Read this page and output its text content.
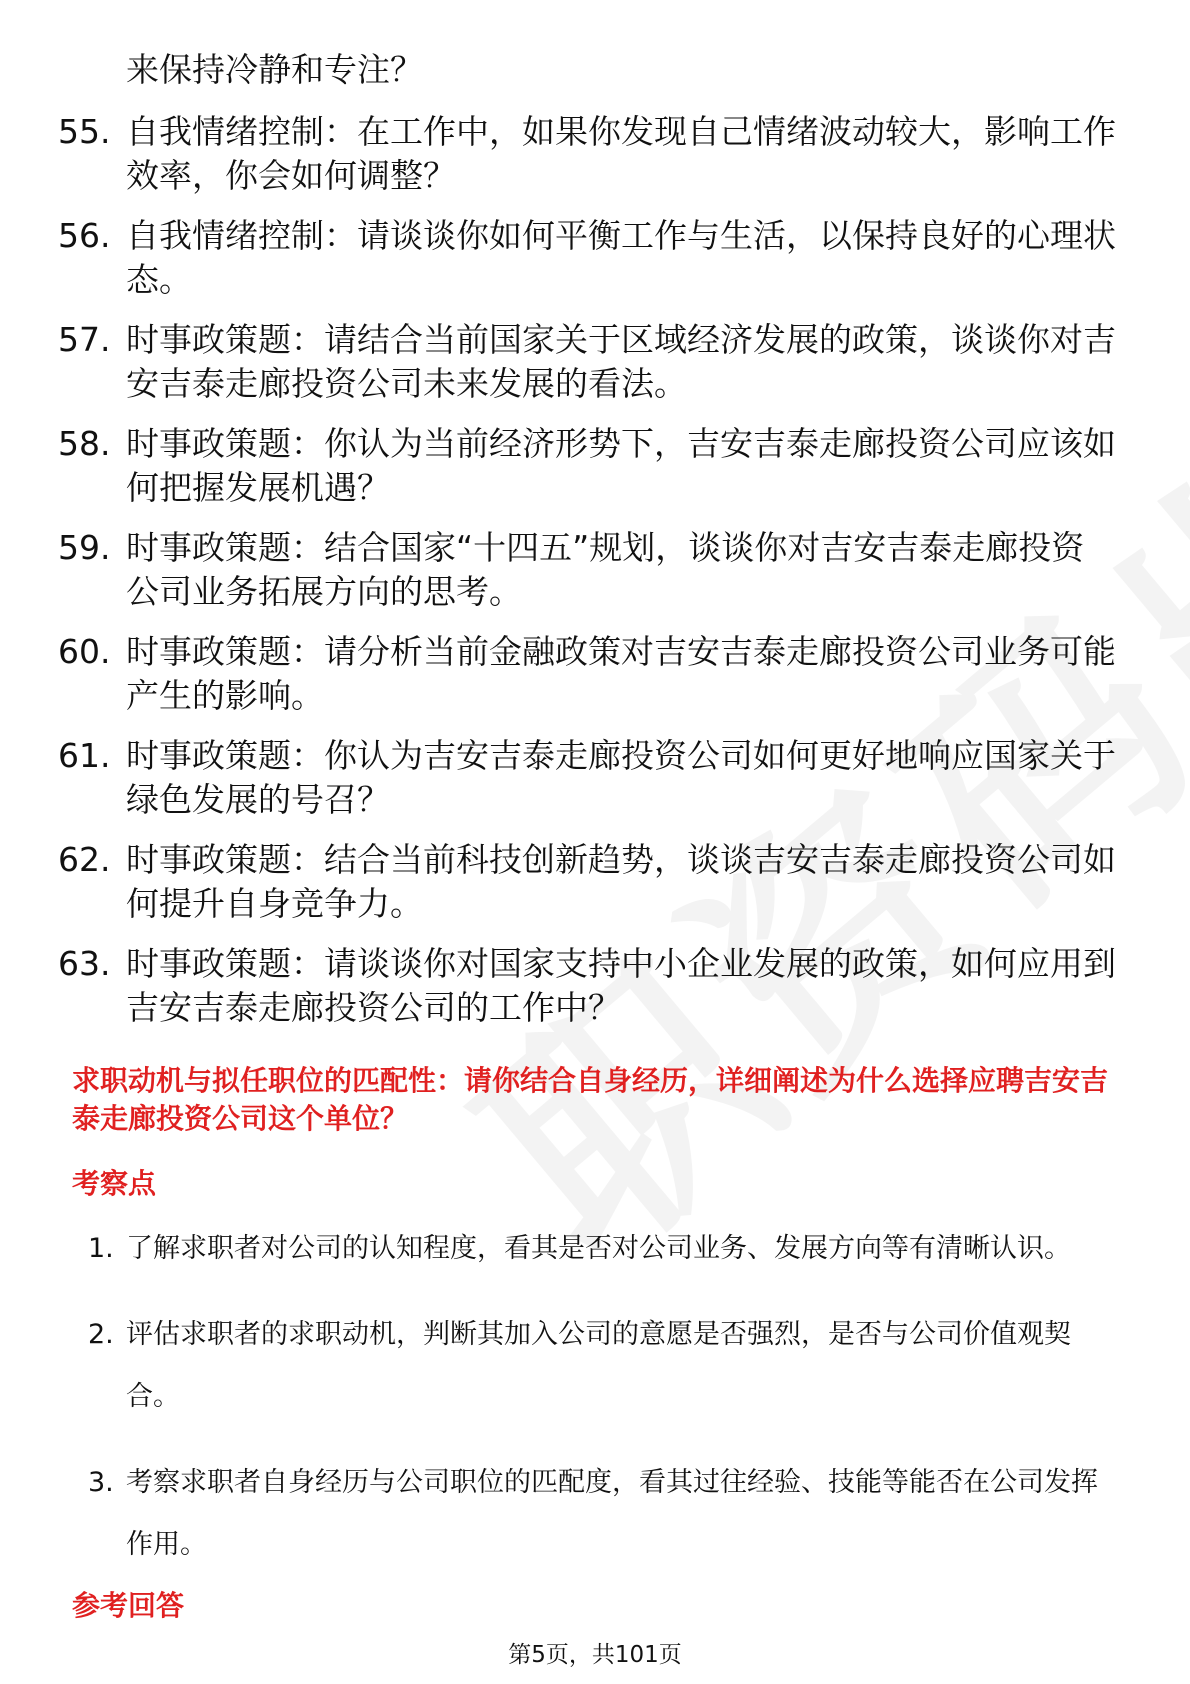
来保持冷静和专注？

55. 自我情绪控制：在工作中，如果你发现自己情绪波动较大，影响工作效率，你会如何调整？
56. 自我情绪控制：请谈谈你如何平衡工作与生活，以保持良好的心理状态。
57. 时事政策题：请结合当前国家关于区域经济发展的政策，谈谈你对吉安吉泰走廊投资公司未来发展的看法。
58. 时事政策题：你认为当前经济形势下，吉安吉泰走廊投资公司应该如何把握发展机遇？
59. 时事政策题：结合国家“十四五”规划，谈谈你对吉安吉泰走廊投资公司业务拓展方向的思考。
60. 时事政策题：请分析当前金融政策对吉安吉泰走廊投资公司业务可能产生的影响。
61. 时事政策题：你认为吉安吉泰走廊投资公司如何更好地响应国家关于绿色发展的号召？
62. 时事政策题：结合当前科技创新趋势，谈谈吉安吉泰走廊投资公司如何提升自身竞争力。
63. 时事政策题：请谈谈你对国家支持中小企业发展的政策，如何应用到吉安吉泰走廊投资公司的工作中？

求职动机与拟任职位的匹配性：请你结合自身经历，详细阐述为什么选择应聘吉安吉泰走廊投资公司这个单位？

考察点
1. 了解求职者对公司的认知程度，看其是否对公司业务、发展方向等有清晰认识。
2. 评估求职者的求职动机，判断其加入公司的意愿是否强烈，是否与公司价值观契合。
3. 考察求职者自身经历与公司职位的匹配度，看其过往经验、技能等能否在公司发挥作用。
参考回答
第5页，共101页
